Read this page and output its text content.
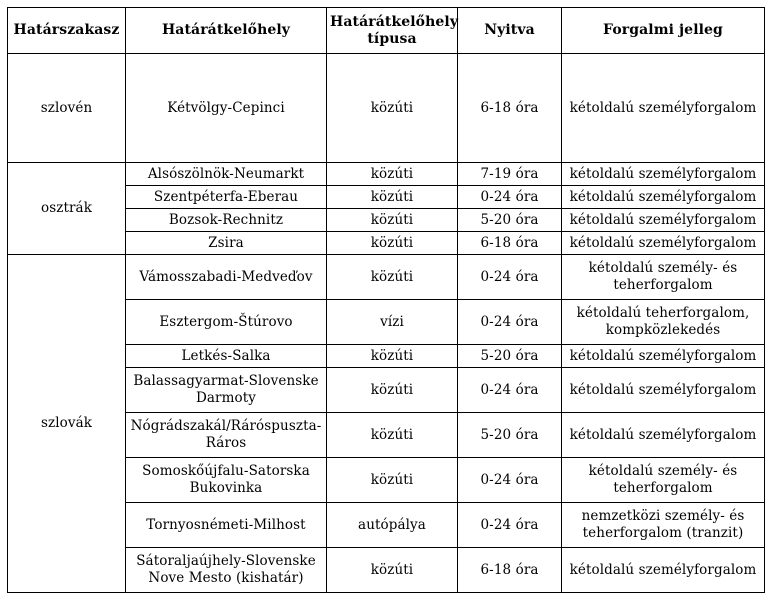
Határszakasz	Határátkelőhely	Határátkelőhely típusa	Nyitva	Forgalmi jelleg
szlovén	Kétvölgy-Cepinci	közúti	6-18 óra	kétoldalú személyforgalom
osztrák	Alsószölnök-Neumarkt	közúti	7-19 óra	kétoldalú személyforgalom
	Szentpéterfa-Eberau	közúti	0-24 óra	kétoldalú személyforgalom
	Bozsok-Rechnitz	közúti	5-20 óra	kétoldalú személyforgalom
	Zsira	közúti	6-18 óra	kétoldalú személyforgalom
szlovák	Vámosszabadi-Medveďov	közúti	0-24 óra	kétoldalú személy- és teherforgalom
	Esztergom-Štúrovo	vízi	0-24 óra	kétoldalú teherforgalom, kompközlekedés
	Letkés-Salka	közúti	5-20 óra	kétoldalú személyforgalom
	Balassagyarmat-Slovenske Darmoty	közúti	0-24 óra	kétoldalú személyforgalom
	Nógrádszakál/Ráróspuszta-Ráros	közúti	5-20 óra	kétoldalú személyforgalom
	Somoskőújfalu-Satorska Bukovinka	közúti	0-24 óra	kétoldalú személy- és teherforgalom
	Tornyosnémeti-Milhost	autópálya	0-24 óra	nemzetközi személy- és teherforgalom (tranzit)
	Sátoraljaújhely-Slovenske Nove Mesto (kishatár)	közúti	6-18 óra	kétoldalú személyforgalom
